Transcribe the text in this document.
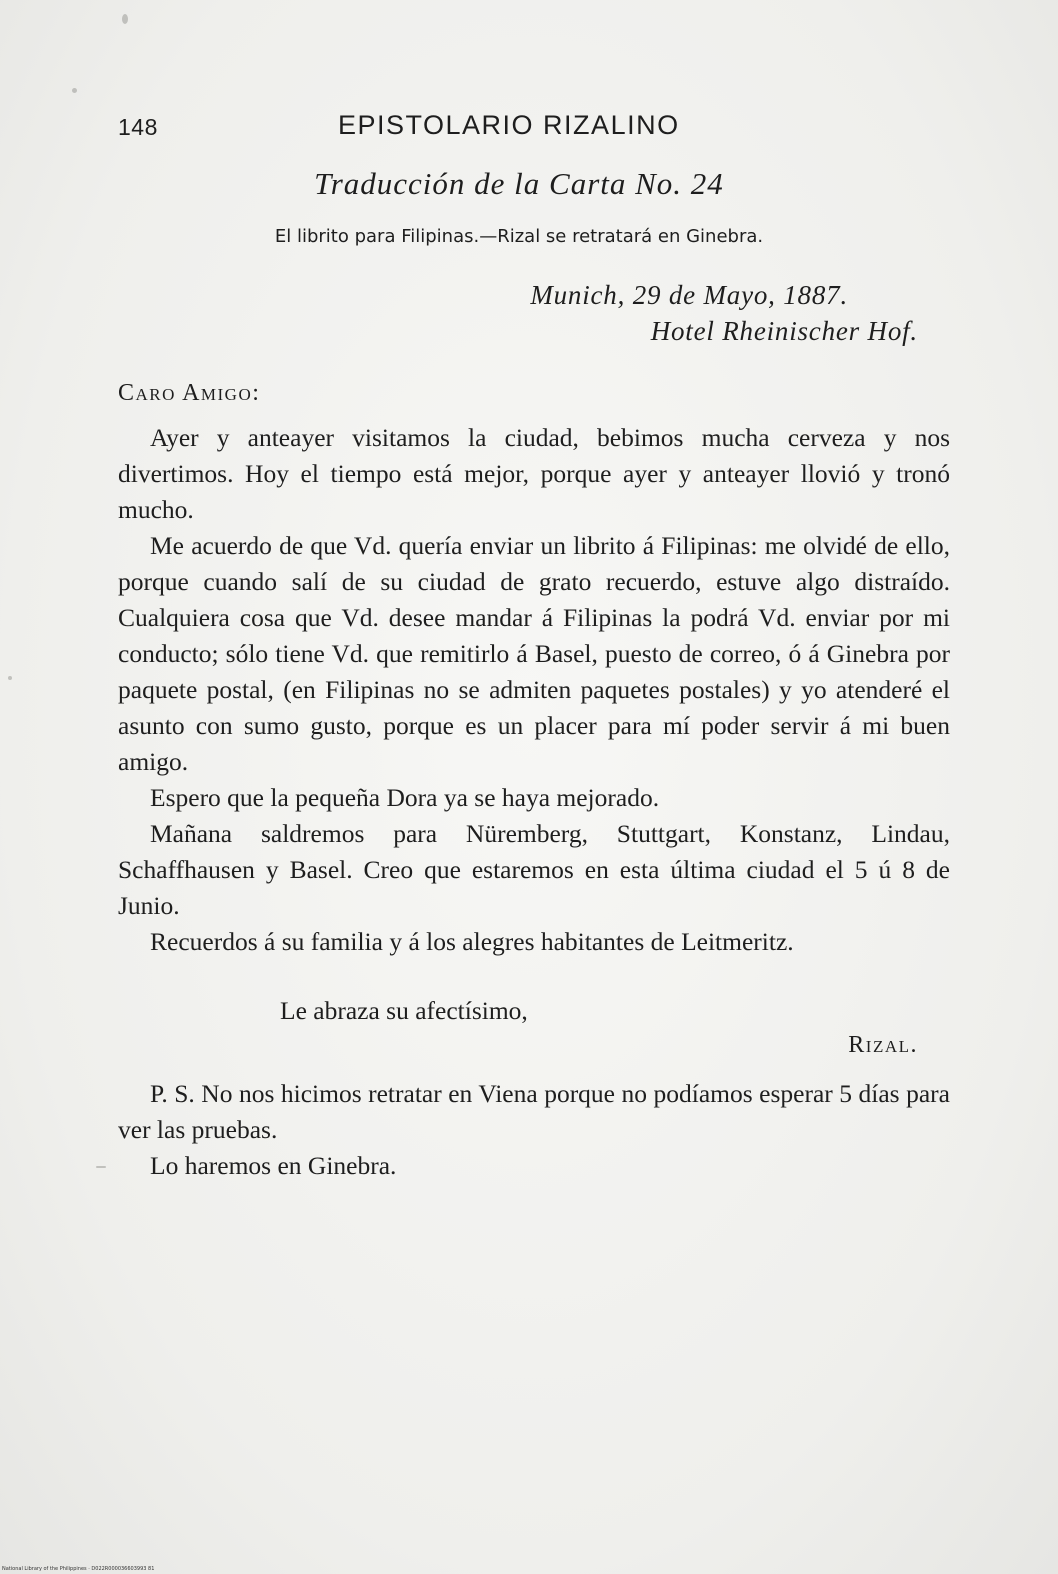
148	EPISTOLARIO RIZALINO
Traducción de la Carta No. 24
El librito para Filipinas.—Rizal se retratará en Ginebra.
Munich, 29 de Mayo, 1887.
Hotel Rheinischer Hof.
Caro Amigo:

Ayer y anteayer visitamos la ciudad, bebimos mucha cerveza y nos divertimos. Hoy el tiempo está mejor, porque ayer y anteayer llovió y tronó mucho.

Me acuerdo de que Vd. quería enviar un librito á Filipinas: me olvidé de ello, porque cuando salí de su ciudad de grato recuerdo, estuve algo distraído. Cualquiera cosa que Vd. desee mandar á Filipinas la podrá Vd. enviar por mi conducto; sólo tiene Vd. que remitirlo á Basel, puesto de correo, ó á Ginebra por paquete postal, (en Filipinas no se admiten paquetes postales) y yo atenderé el asunto con sumo gusto, porque es un placer para mí poder servir á mi buen amigo.

Espero que la pequeña Dora ya se haya mejorado.

Mañana saldremos para Nüremberg, Stuttgart, Konstanz, Lindau, Schaffhausen y Basel. Creo que estaremos en esta última ciudad el 5 ú 8 de Junio.

Recuerdos á su familia y á los alegres habitantes de Leitmeritz.

Le abraza su afectísimo,
Rizal.

P. S. No nos hicimos retratar en Viena porque no podíamos esperar 5 días para ver las pruebas.

Lo haremos en Ginebra.

National Library of the Philippines · D022R000036603993 81
